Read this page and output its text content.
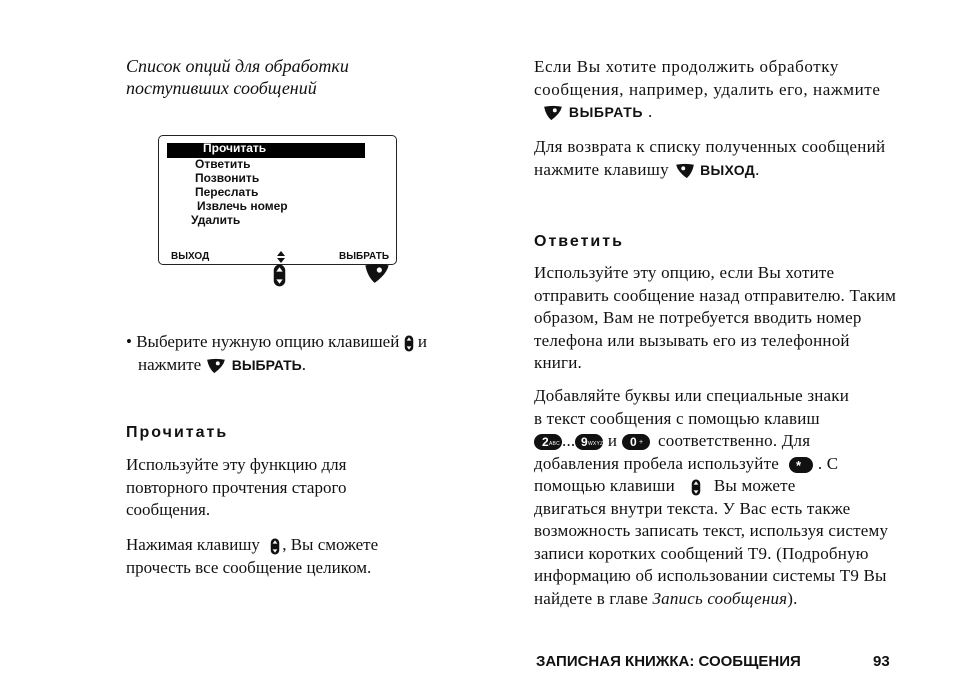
Список опций для обработки поступивших сообщений
Прочитать
Ответить
Позвонить
Переслать
Извлечь номер
Удалить
ВЫХОД	ВЫБРАТЬ
• Выберите нужную опцию клавишей и
нажмите ВЫБРАТЬ.
Прочитать
Используйте эту функцию для повторного прочтения старого сообщения.
Нажимая клавишу , Вы сможете прочесть все сообщение целиком.
Если Вы хотите продолжить обработку сообщения, например, удалить его, нажмите  ВЫБРАТЬ .
Для возврата к списку полученных сообщений нажмите клавишу ВЫХОД.
Ответить
Используйте эту опцию, если Вы хотите отправить сообщение назад отправителю. Таким образом, Вам не потребуется вводить номер телефона или вызывать его из телефонной книги.
Добавляйте буквы или специальные знаки
в текст сообщения с помощью клавиш
2 ABC ... 9 WXYZ и 0 + соответственно. Для
добавления пробела используйте * . С
помощью клавиши Вы можете
двигаться внутри текста. У Вас есть также возможность записать текст, используя систему записи коротких сообщений T9. (Подробную информацию об использовании системы T9 Вы найдете в главе Запись сообщения).
ЗАПИСНАЯ КНИЖКА: СООБЩЕНИЯ	93
